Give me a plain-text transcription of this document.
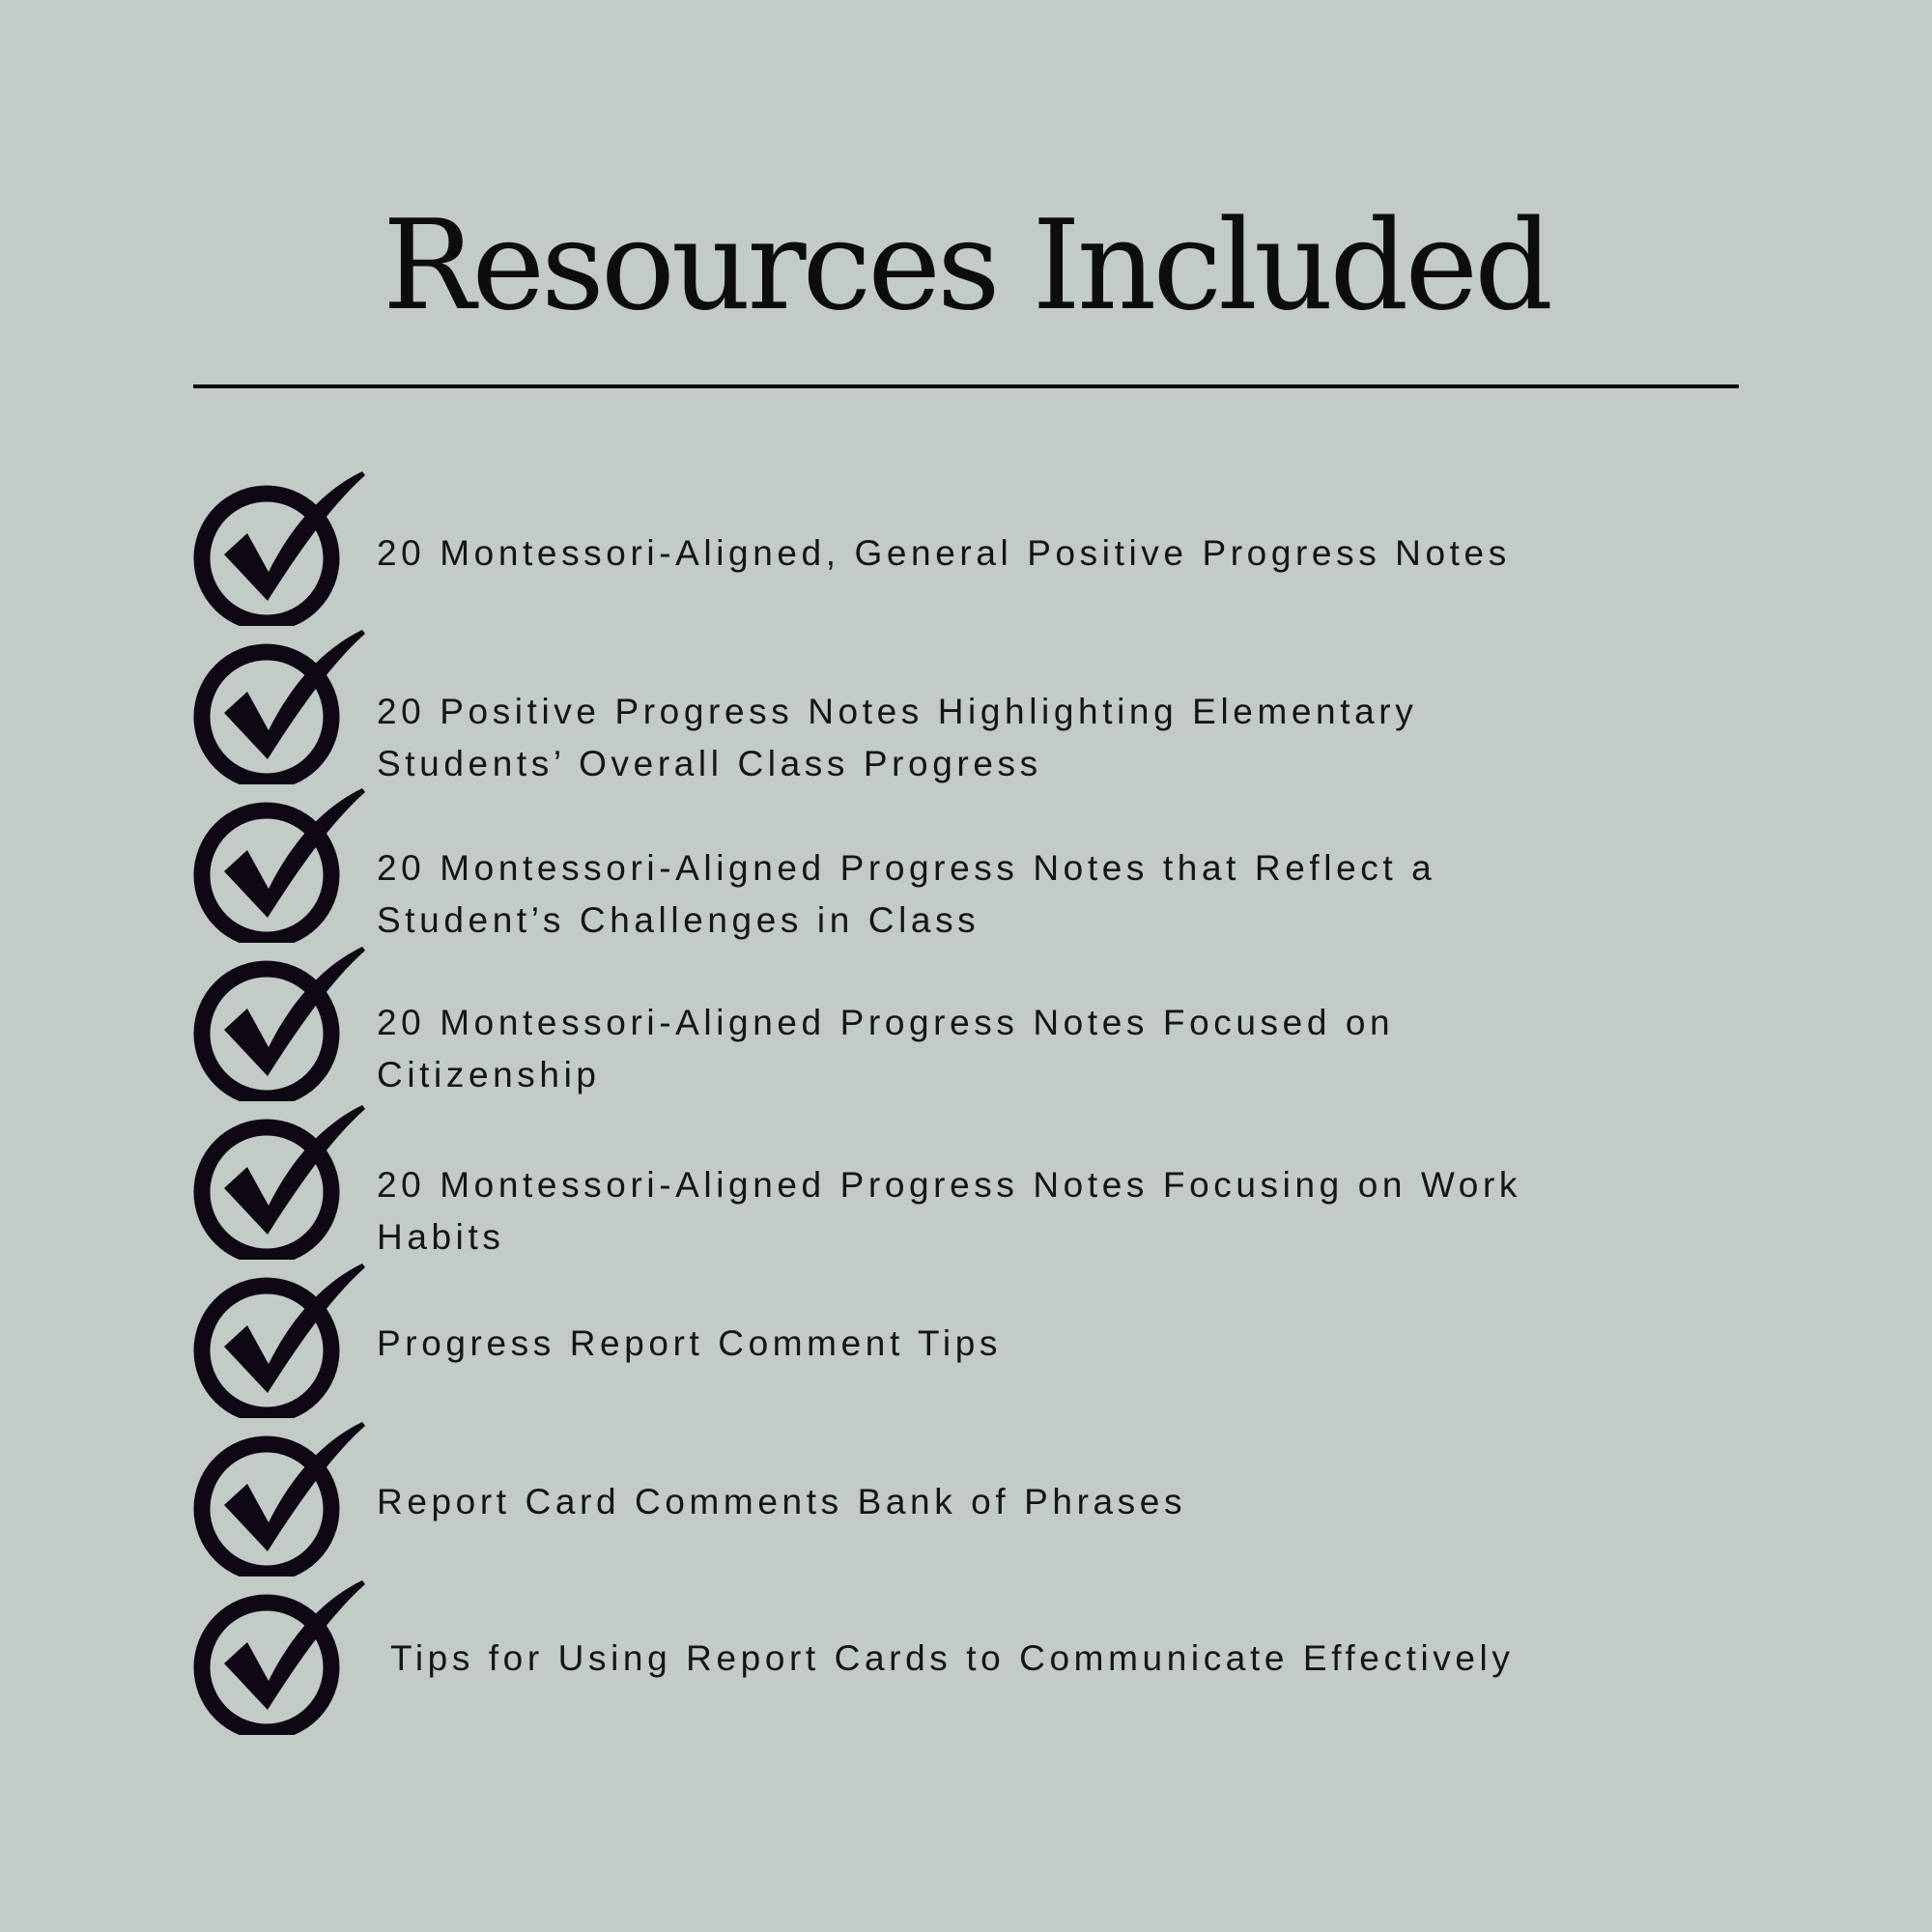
Resources Included
20 Montessori-Aligned, General Positive Progress Notes
20 Positive Progress Notes Highlighting Elementary
Students’ Overall Class Progress
20 Montessori-Aligned Progress Notes that Reflect a
Student’s Challenges in Class
20 Montessori-Aligned Progress Notes Focused on
Citizenship
20 Montessori-Aligned Progress Notes Focusing on Work
Habits
Progress Report Comment Tips
Report Card Comments Bank of Phrases
Tips for Using Report Cards to Communicate Effectively
